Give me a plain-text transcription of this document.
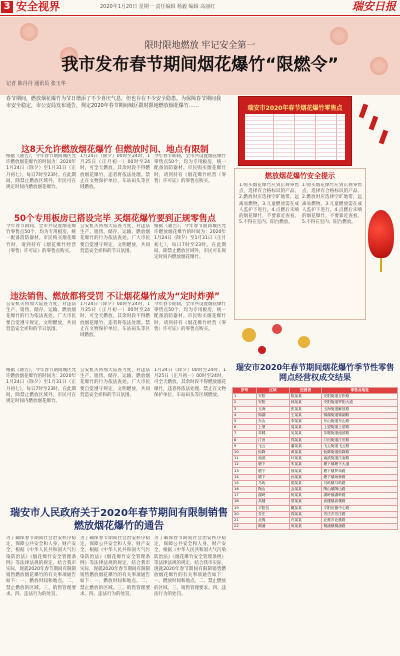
3 安全视界	2020年1月20日 星期一 责任编辑 杨毅 编辑 高丽红	瑞安日报
限时限地燃放 牢记安全第一
我市发布春节期间烟花爆竹“限燃令”
记者 陈丹丹 通讯员 张玉华
春节期间，燃放烟花爆竹为节日增添了不少喜庆气息，但也存在不少安全隐患。为保障春节期间我市安全稳定，市公安局发布通告，规定2020年春节期间城区限时限地燃放烟花爆竹……
这8天允许燃放烟花爆竹 但燃放时间、地点有限制
根据《通告》，今年春节期间城区允许燃放烟花爆竹的时间为：2020年1月24日（除夕）至1月31日（正月初七），每日7时至23时。在此期间，除禁止燃放区域外，市民可在规定时间内燃放烟花爆竹。
1月24日（除夕）00时至24时，1月25日（正月初一）00时至24时，可全天燃放。其余时段不得燃放烟花爆竹，违者将依法处理。禁止在文物保护单位、车站码头等区域燃放。
今年春节期间，全市共设置烟花爆竹零售点50个，均为专用板房，统一配备消防器材。市民购买烟花爆竹时，请到持有《烟花爆竹经营（零售）许可证》的零售点购买。
50个专用板房已搭设完毕 买烟花爆竹要到正规零售点
今年春节期间，全市共设置烟花爆竹零售点50个，均为专用板房，统一配备消防器材。市民购买烟花爆竹时，请到持有《烟花爆竹经营（零售）许可证》的零售点购买。
公安机关将加大巡查力度，对违法生产、销售、储存、运输、燃放烟花爆竹的行为依法查处。广大市民要自觉遵守规定，文明燃放，共同营造安全祥和的节日氛围。
根据《通告》，今年春节期间城区允许燃放烟花爆竹的时间为：2020年1月24日（除夕）至1月31日（正月初七），每日7时至23时。在此期间，除禁止燃放区域外，市民可在规定时间内燃放烟花爆竹。
违法销售、燃放都将受罚 不让烟花爆竹成为“定时炸弹”
公安机关将加大巡查力度，对违法生产、销售、储存、运输、燃放烟花爆竹的行为依法查处。广大市民要自觉遵守规定，文明燃放，共同营造安全祥和的节日氛围。
1月24日（除夕）00时至24时，1月25日（正月初一）00时至24时，可全天燃放。其余时段不得燃放烟花爆竹，违者将依法处理。禁止在文物保护单位、车站码头等区域燃放。
今年春节期间，全市共设置烟花爆竹零售点50个，均为专用板房，统一配备消防器材。市民购买烟花爆竹时，请到持有《烟花爆竹经营（零售）许可证》的零售点购买。
根据《通告》，今年春节期间城区允许燃放烟花爆竹的时间为：2020年1月24日（除夕）至1月31日（正月初七），每日7时至23时。在此期间，除禁止燃放区域外，市民可在规定时间内燃放烟花爆竹。
公安机关将加大巡查力度，对违法生产、销售、储存、运输、燃放烟花爆竹的行为依法查处。广大市民要自觉遵守规定，文明燃放，共同营造安全祥和的节日氛围。
1月24日（除夕）00时至24时，1月25日（正月初一）00时至24时，可全天燃放。其余时段不得燃放烟花爆竹，违者将依法处理。禁止在文物保护单位、车站码头等区域燃放。
瑞安市人民政府关于2020年春节期间有限制销售燃放烟花爆竹的通告
为了确保春节期间社会治安秩序稳定，保障公共安全和人身、财产安全，根据《中华人民共和国大气污染防治法》《烟花爆竹安全管理条例》等法律法规的规定，结合我市实际，现就2020年春节期间有限制销售燃放烟花爆竹的有关事项通告如下：一、燃放时间和地点。二、禁止燃放的区域。三、销售管理要求。四、违法行为的处罚。
为了确保春节期间社会治安秩序稳定，保障公共安全和人身、财产安全，根据《中华人民共和国大气污染防治法》《烟花爆竹安全管理条例》等法律法规的规定，结合我市实际，现就2020年春节期间有限制销售燃放烟花爆竹的有关事项通告如下：一、燃放时间和地点。二、禁止燃放的区域。三、销售管理要求。四、违法行为的处罚。
为了确保春节期间社会治安秩序稳定，保障公共安全和人身、财产安全，根据《中华人民共和国大气污染防治法》《烟花爆竹安全管理条例》等法律法规的规定，结合我市实际，现就2020年春节期间有限制销售燃放烟花爆竹的有关事项通告如下：一、燃放时间和地点。二、禁止燃放的区域。三、销售管理要求。四、违法行为的处罚。
瑞安市2020年春节烟花爆竹零售点
燃放烟花爆竹安全提示
1.购买烟花爆竹应到正规零售点，选择有合格标识的产品。2.燃放时应选择空旷地带，远离易燃物。3.儿童燃放需在成人监护下进行。4.点燃后未响的烟花爆竹，不要靠近查看。5.不得在室内、阳台燃放。
1.购买烟花爆竹应到正规零售点，选择有合格标识的产品。2.燃放时应选择空旷地带，远离易燃物。3.儿童燃放需在成人监护下进行。4.点燃后未响的烟花爆竹，不要靠近查看。5.不得在室内、阳台燃放。
瑞安市2020年春节期间烟花爆竹季节性零售网点经营权成交结果
序号	区域	经营者	零售点地址
1	安阳	陈某某	安阳街道万松路
2	安阳	林某某	安阳街道罗阳大道
3	玉海	张某某	玉海街道解放路
4	锦湖	王某某	锦湖街道锦湖路
5	东山	李某某	东山街道东山路
6	上望	周某某	上望街道上望路
7	莘塍	吴某某	莘塍街道南滨路
8	汀田	郑某某	汀田街道汀田路
9	飞云	潘某某	飞云街道飞云路
10	仙降	黄某某	仙降街道仙降路
11	南滨	叶某某	南滨街道江南路
12	塘下	朱某某	塘下镇塘下大道
13	塘下	徐某某	塘下镇罗凤路
14	塘下	孙某某	塘下镇场桥路
15	马屿	胡某某	马屿镇马屿路
16	陶山	金某某	陶山镇陶山路
17	湖岭	杨某某	湖岭镇湖岭路
18	高楼	蔡某某	高楼镇高楼路
19	平阳坑	戴某某	平阳坑镇中心路
20	芳庄	钱某某	芳庄乡芳庄路
21	北麂	许某某	北麂乡北麂路
22	桐浦	何某某	桐浦镇桐浦路
